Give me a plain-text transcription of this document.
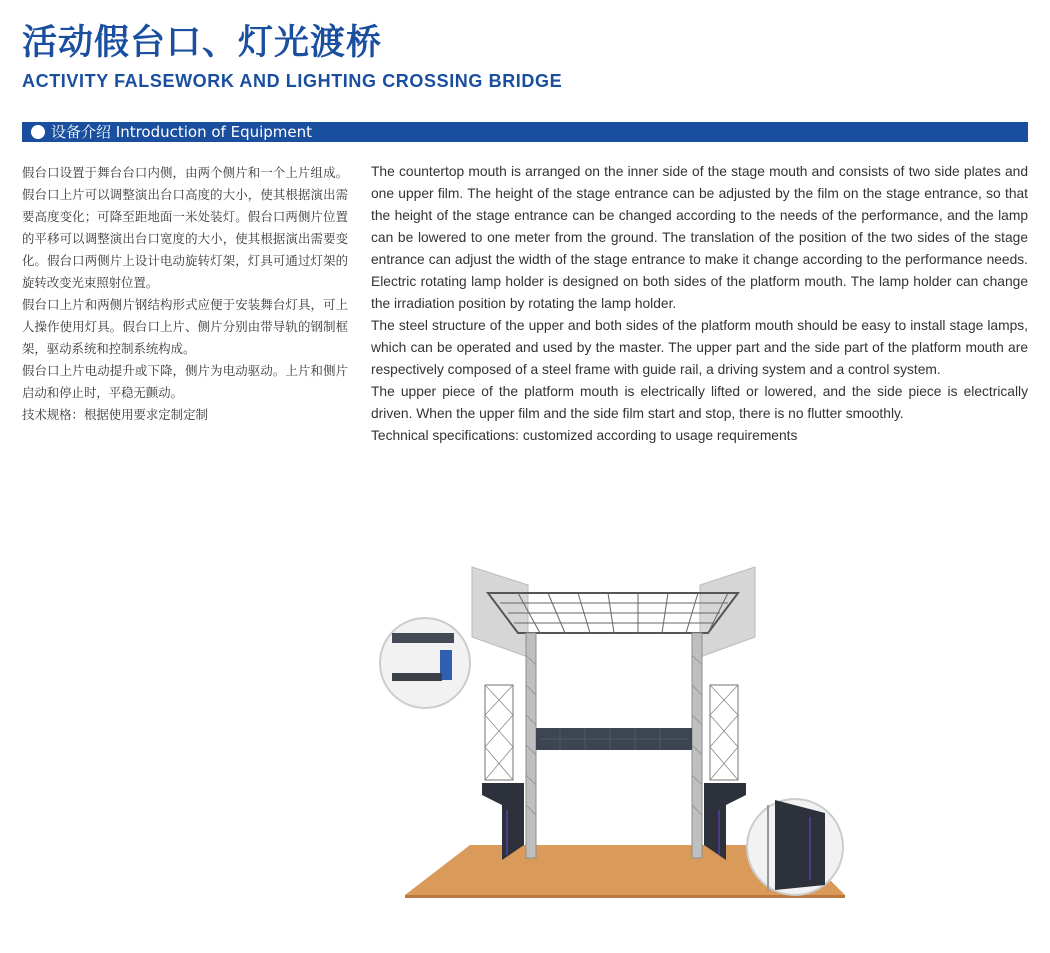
活动假台口、灯光渡桥
ACTIVITY FALSEWORK AND LIGHTING CROSSING BRIDGE
设备介绍 Introduction of Equipment

假台口设置于舞台台口内侧，由两个侧片和一个上片组成。假台口上片可以调整演出台口高度的大小，使其根据演出需要高度变化；可降至距地面一米处装灯。假台口两侧片位置的平移可以调整演出台口宽度的大小，使其根据演出需要变化。假台口两侧片上设计电动旋转灯架，灯具可通过灯架的旋转改变光束照射位置。

假台口上片和两侧片钢结构形式应便于安装舞台灯具，可上人操作使用灯具。假台口上片、侧片分别由带导轨的钢制框架，驱动系统和控制系统构成。

假台口上片电动提升或下降，侧片为电动驱动。上片和侧片启动和停止时，平稳无颤动。

技术规格：根据使用要求定制定制

The countertop mouth is arranged on the inner side of the stage mouth and consists of two side plates and one upper film. The height of the stage entrance can be adjusted by the film on the stage entrance, so that the height of the stage entrance can be changed according to the needs of the performance, and the lamp can be lowered to one meter from the ground. The translation of the position of the two sides of the stage entrance can adjust the width of the stage entrance to make it change according to the performance needs. Electric rotating lamp holder is designed on both sides of the platform mouth. The lamp holder can change the irradiation position by rotating the lamp holder.

The steel structure of the upper and both sides of the platform mouth should be easy to install stage lamps, which can be operated and used by the master. The upper part and the side part of the platform mouth are respectively composed of a steel frame with guide rail, a driving system and a control system.

The upper piece of the platform mouth is electrically lifted or lowered, and the side piece is electrically driven. When the upper film and the side film start and stop, there is no flutter smoothly.

Technical specifications: customized according to usage requirements
